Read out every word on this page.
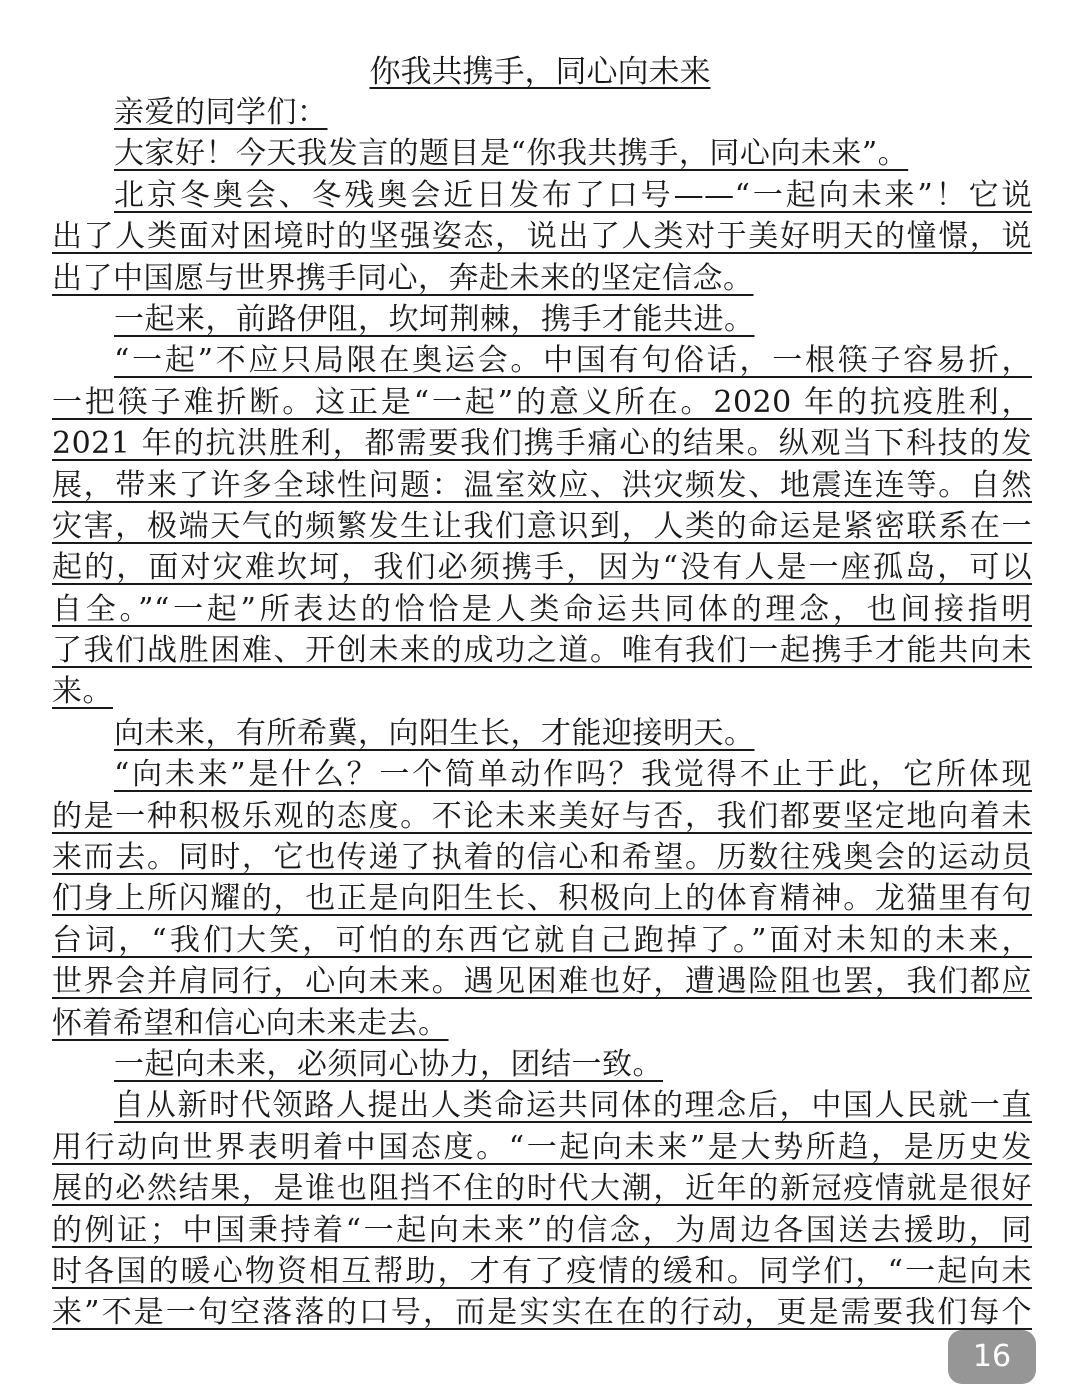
你我共携手，同心向未来
亲爱的同学们：
大家好！今天我发言的题目是“你我共携手，同心向未来”。
北京冬奥会、冬残奥会近日发布了口号——“一起向未来”！它说
出了人类面对困境时的坚强姿态，说出了人类对于美好明天的憧憬，说
出了中国愿与世界携手同心，奔赴未来的坚定信念。
一起来，前路伊阻，坎坷荆棘，携手才能共进。
“一起”不应只局限在奥运会。中国有句俗话，一根筷子容易折，
一把筷子难折断。这正是“一起”的意义所在。2020 年的抗疫胜利，
2021 年的抗洪胜利，都需要我们携手痛心的结果。纵观当下科技的发
展，带来了许多全球性问题：温室效应、洪灾频发、地震连连等。自然
灾害，极端天气的频繁发生让我们意识到，人类的命运是紧密联系在一
起的，面对灾难坎坷，我们必须携手，因为“没有人是一座孤岛，可以
自全。”“一起”所表达的恰恰是人类命运共同体的理念，也间接指明
了我们战胜困难、开创未来的成功之道。唯有我们一起携手才能共向未
来。
向未来，有所希冀，向阳生长，才能迎接明天。
“向未来”是什么？一个简单动作吗？我觉得不止于此，它所体现
的是一种积极乐观的态度。不论未来美好与否，我们都要坚定地向着未
来而去。同时，它也传递了执着的信心和希望。历数往残奥会的运动员
们身上所闪耀的，也正是向阳生长、积极向上的体育精神。龙猫里有句
台词，“我们大笑，可怕的东西它就自己跑掉了。”面对未知的未来，
世界会并肩同行，心向未来。遇见困难也好，遭遇险阻也罢，我们都应
怀着希望和信心向未来走去。
一起向未来，必须同心协力，团结一致。
自从新时代领路人提出人类命运共同体的理念后，中国人民就一直
用行动向世界表明着中国态度。“一起向未来”是大势所趋，是历史发
展的必然结果，是谁也阻挡不住的时代大潮，近年的新冠疫情就是很好
的例证；中国秉持着“一起向未来”的信念，为周边各国送去援助，同
时各国的暖心物资相互帮助，才有了疫情的缓和。同学们，“一起向未
来”不是一句空落落的口号，而是实实在在的行动，更是需要我们每个
16
